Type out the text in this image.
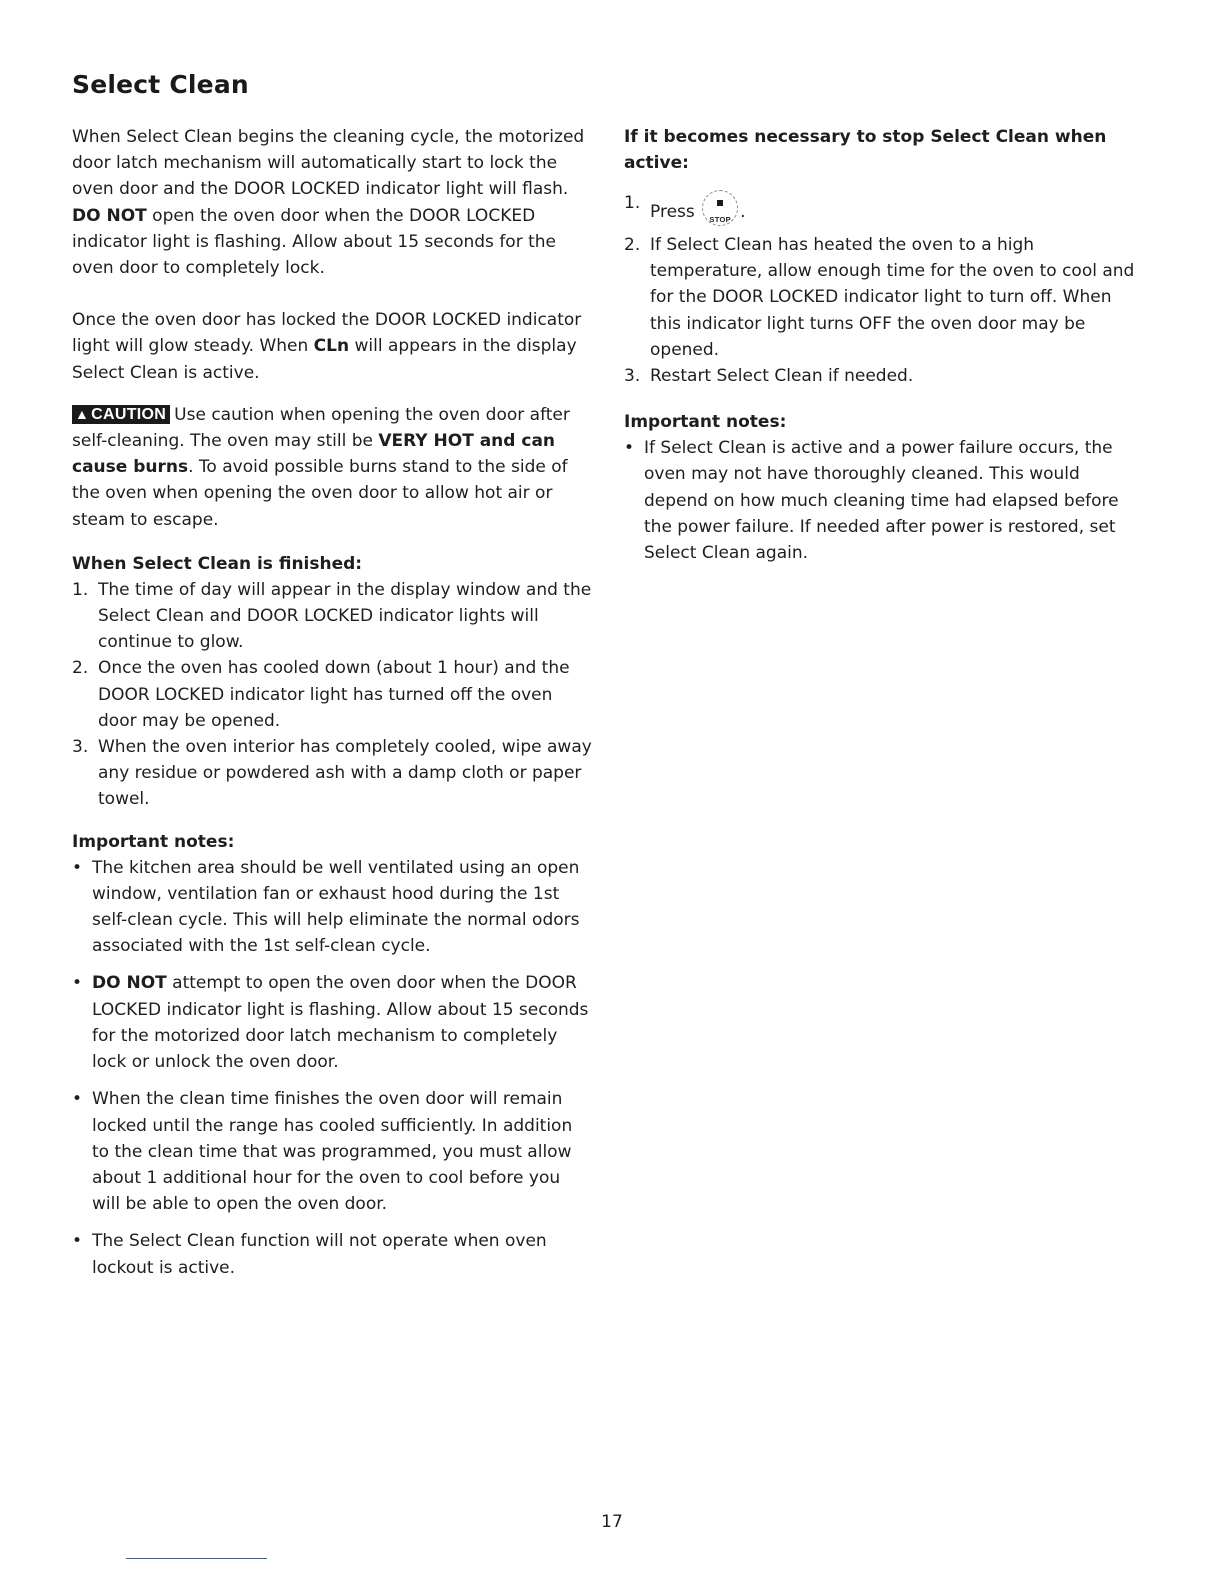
Select Clean

When Select Clean begins the cleaning cycle, the motorized door latch mechanism will automatically start to lock the oven door and the DOOR LOCKED indicator light will flash. DO NOT open the oven door when the DOOR LOCKED indicator light is flashing. Allow about 15 seconds for the oven door to completely lock.

Once the oven door has locked the DOOR LOCKED indicator light will glow steady. When CLn will appears in the display Select Clean is active.

▲ CAUTION Use caution when opening the oven door after self-cleaning. The oven may still be VERY HOT and can cause burns. To avoid possible burns stand to the side of the oven when opening the oven door to allow hot air or steam to escape.

When Select Clean is finished:
1. The time of day will appear in the display window and the Select Clean and DOOR LOCKED indicator lights will continue to glow.
2. Once the oven has cooled down (about 1 hour) and the DOOR LOCKED indicator light has turned off the oven door may be opened.
3. When the oven interior has completely cooled, wipe away any residue or powdered ash with a damp cloth or paper towel.
Important notes:
• The kitchen area should be well ventilated using an open window, ventilation fan or exhaust hood during the 1st self-clean cycle. This will help eliminate the normal odors associated with the 1st self-clean cycle.
• DO NOT attempt to open the oven door when the DOOR LOCKED indicator light is flashing. Allow about 15 seconds for the motorized door latch mechanism to completely lock or unlock the oven door.
• When the clean time finishes the oven door will remain locked until the range has cooled sufficiently. In addition to the clean time that was programmed, you must allow about 1 additional hour for the oven to cool before you will be able to open the oven door.
• The Select Clean function will not operate when oven lockout is active.
If it becomes necessary to stop Select Clean when active:
1. Press	STOP .
2. If Select Clean has heated the oven to a high temperature, allow enough time for the oven to cool and for the DOOR LOCKED indicator light to turn off. When this indicator light turns OFF the oven door may be opened.
3. Restart Select Clean if needed.
Important notes:
• If Select Clean is active and a power failure occurs, the oven may not have thoroughly cleaned. This would depend on how much cleaning time had elapsed before the power failure. If needed after power is restored, set Select Clean again.
17
